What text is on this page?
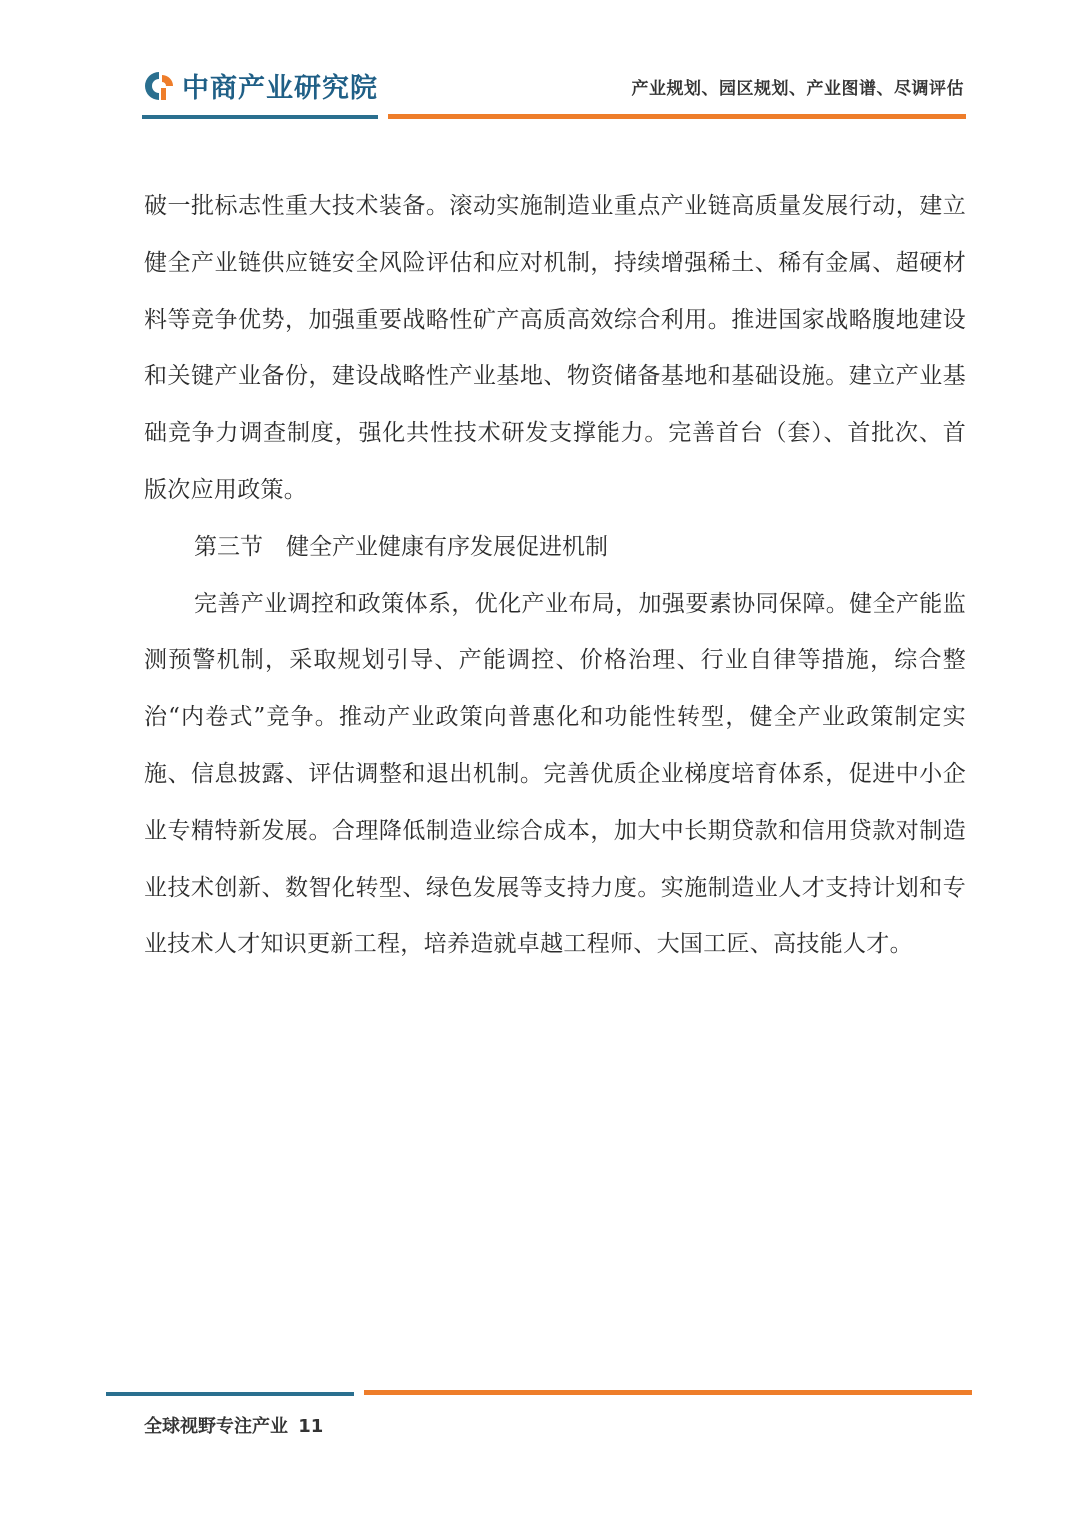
中商产业研究院	产业规划、园区规划、产业图谱、尽调评估

破一批标志性重大技术装备。滚动实施制造业重点产业链高质量发展行动，建立健全产业链供应链安全风险评估和应对机制，持续增强稀土、稀有金属、超硬材料等竞争优势，加强重要战略性矿产高质高效综合利用。推进国家战略腹地建设和关键产业备份，建设战略性产业基地、物资储备基地和基础设施。建立产业基础竞争力调查制度，强化共性技术研发支撑能力。完善首台（套）、首批次、首版次应用政策。

第三节　健全产业健康有序发展促进机制

完善产业调控和政策体系，优化产业布局，加强要素协同保障。健全产能监测预警机制，采取规划引导、产能调控、价格治理、行业自律等措施，综合整治“内卷式”竞争。推动产业政策向普惠化和功能性转型，健全产业政策制定实施、信息披露、评估调整和退出机制。完善优质企业梯度培育体系，促进中小企业专精特新发展。合理降低制造业综合成本，加大中长期贷款和信用贷款对制造业技术创新、数智化转型、绿色发展等支持力度。实施制造业人才支持计划和专业技术人才知识更新工程，培养造就卓越工程师、大国工匠、高技能人才。

全球视野专注产业 11
